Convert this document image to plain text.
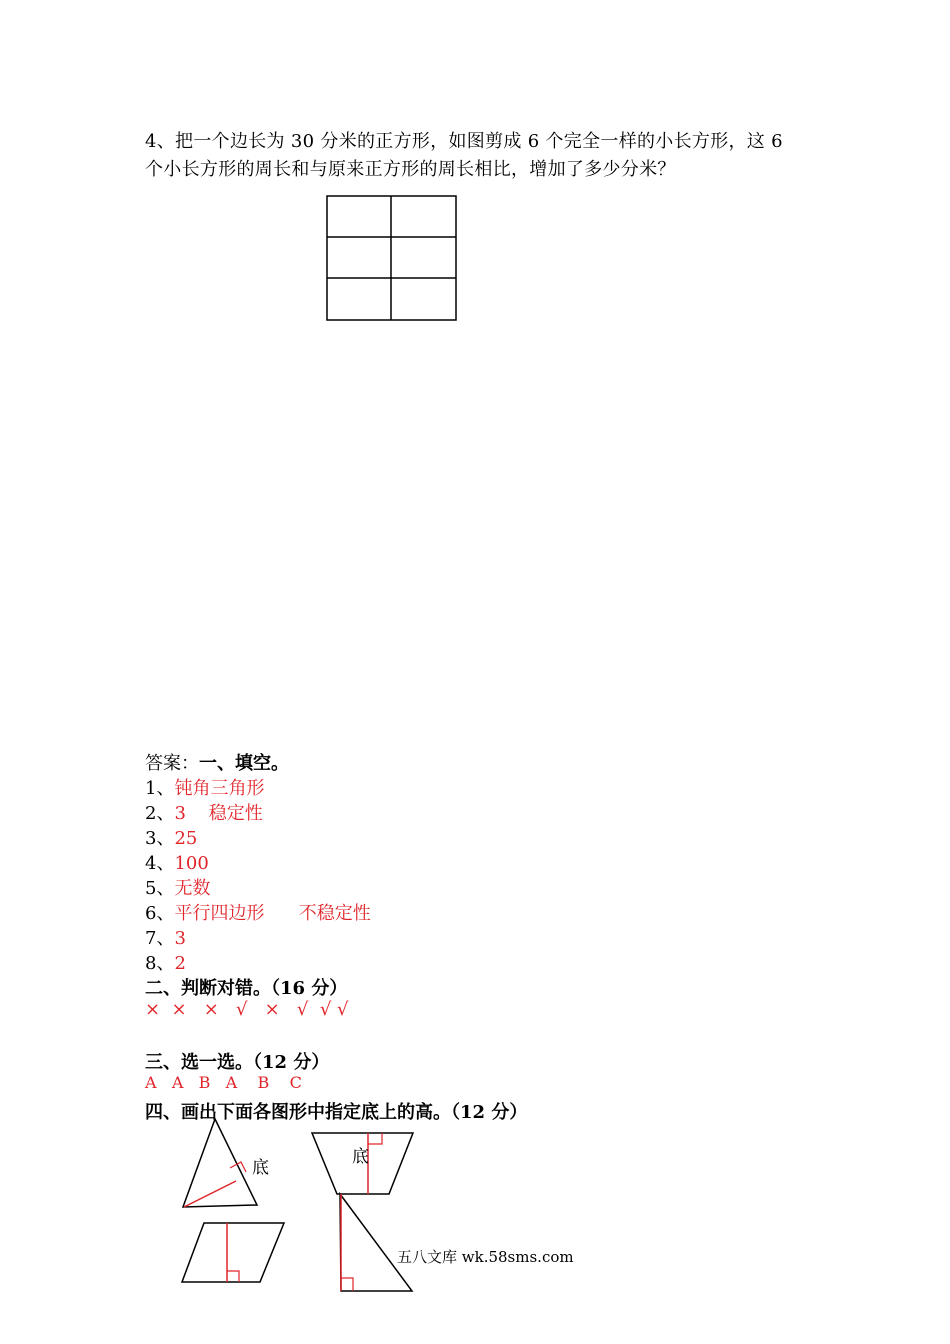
4、把一个边长为 30 分米的正方形，如图剪成 6 个完全一样的小长方形，这 6
个小长方形的周长和与原来正方形的周长相比，增加了多少分米？
答案：一、填空。
1、钝角三角形
2、3    稳定性
3、25
4、100
5、无数
6、平行四边形      不稳定性
7、3
8、2
二、判断对错。（16 分）
×  ×   ×   √   ×   √  √ √
三、选一选。（12 分）
A   A   B   A    B    C
四、画出下面各图形中指定底上的高。（12 分）
底
底
五八文库 wk.58sms.com
